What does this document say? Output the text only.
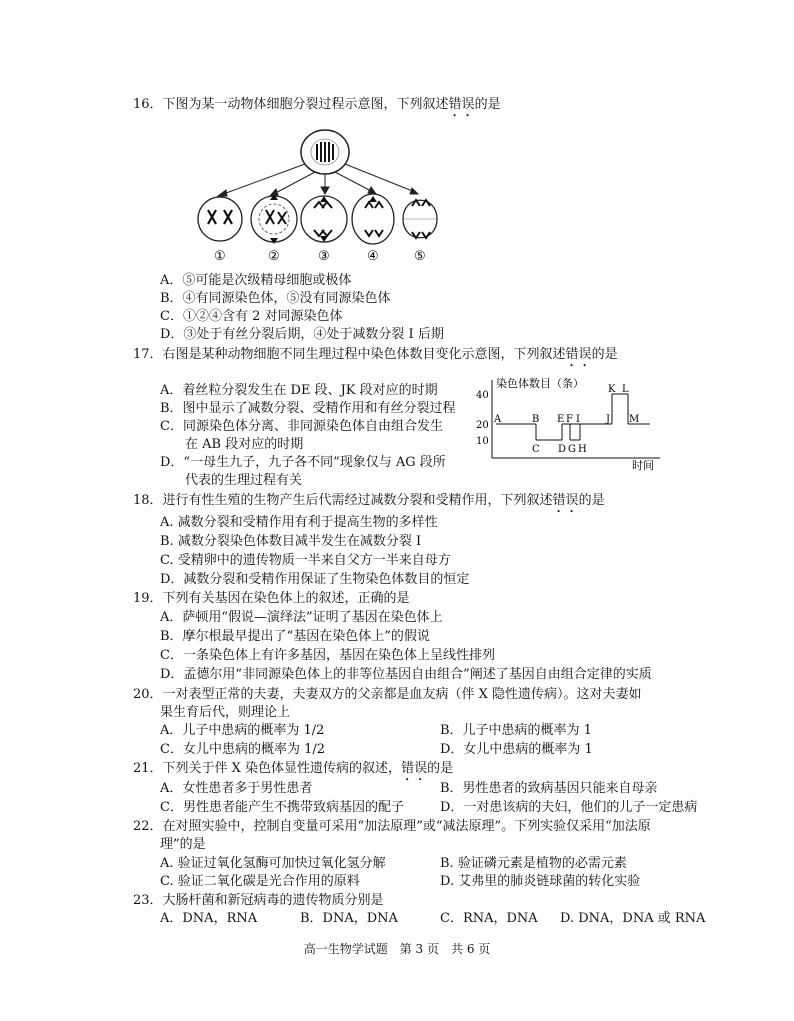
16．下图为某一动物体细胞分裂过程示意图，下列叙述错误的是
①	②	③	④	⑤
A．⑤可能是次级精母细胞或极体
B．④有同源染色体，⑤没有同源染色体
C．①②④含有 2 对同源染色体
D．③处于有丝分裂后期，④处于减数分裂 I 后期
17．右图是某种动物细胞不同生理过程中染色体数目变化示意图，下列叙述错误的是
A．着丝粒分裂发生在 DE 段、JK 段对应的时期
B．图中显示了减数分裂、受精作用和有丝分裂过程
C．同源染色体分离、非同源染色体自由组合发生
在 AB 段对应的时期
D．“一母生九子，九子各不同”现象仅与 AG 段所
代表的生理过程有关
染色体数目（条）
时间
10
20
40
A	B
C D
E F
G H
I	J
K L
M
18．进行有性生殖的生物产生后代需经过减数分裂和受精作用，下列叙述错误的是
A. 减数分裂和受精作用有利于提高生物的多样性
B. 减数分裂染色体数目减半发生在减数分裂 I
C. 受精卵中的遗传物质一半来自父方一半来自母方
D．减数分裂和受精作用保证了生物染色体数目的恒定
19．下列有关基因在染色体上的叙述，正确的是
A．萨顿用“假说—演绎法”证明了基因在染色体上
B．摩尔根最早提出了“基因在染色体上”的假说
C．一条染色体上有许多基因，基因在染色体上呈线性排列
D．孟德尔用“非同源染色体上的非等位基因自由组合”阐述了基因自由组合定律的实质
20．一对表型正常的夫妻，夫妻双方的父亲都是血友病（伴 X 隐性遗传病）。这对夫妻如
果生育后代，则理论上
A．儿子中患病的概率为 1/2	B．儿子中患病的概率为 1
C．女儿中患病的概率为 1/2	D．女儿中患病的概率为 1
21．下列关于伴 X 染色体显性遗传病的叙述，错误的是
A．女性患者多于男性患者	B．男性患者的致病基因只能来自母亲
C．男性患者能产生不携带致病基因的配子	D．一对患该病的夫妇，他们的儿子一定患病
22．在对照实验中，控制自变量可采用“加法原理”或“减法原理”。下列实验仅采用“加法原
理”的是
A. 验证过氧化氢酶可加快过氧化氢分解	B. 验证磷元素是植物的必需元素
C. 验证二氧化碳是光合作用的原料	D. 艾弗里的肺炎链球菌的转化实验
23．大肠杆菌和新冠病毒的遗传物质分别是
A．DNA，RNA	B．DNA，DNA	C．RNA，DNA D. DNA，DNA 或 RNA
高一生物学试题　第 3 页　共 6 页
